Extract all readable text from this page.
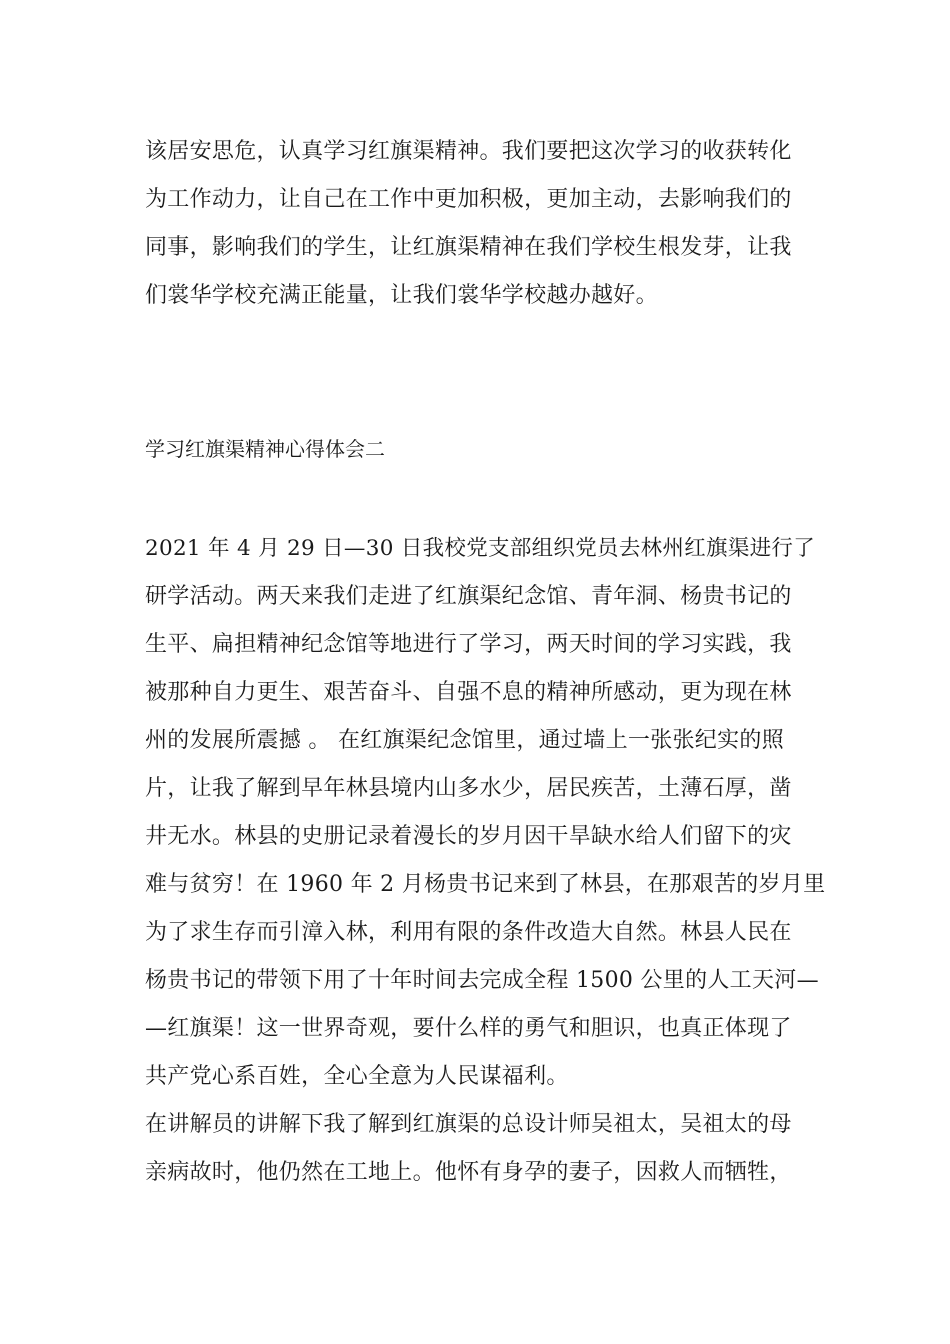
该居安思危，认真学习红旗渠精神。我们要把这次学习的收获转化
为工作动力，让自己在工作中更加积极，更加主动，去影响我们的
同事，影响我们的学生，让红旗渠精神在我们学校生根发芽，让我
们裳华学校充满正能量，让我们裳华学校越办越好。
学习红旗渠精神心得体会二
2021 年 4 月 29 日—30 日我校党支部组织党员去林州红旗渠进行了
研学活动。两天来我们走进了红旗渠纪念馆、青年洞、杨贵书记的
生平、扁担精神纪念馆等地进行了学习，两天时间的学习实践，我
被那种自力更生、艰苦奋斗、自强不息的精神所感动，更为现在林
州的发展所震撼 。 在红旗渠纪念馆里，通过墙上一张张纪实的照
片，让我了解到早年林县境内山多水少，居民疾苦，土薄石厚，凿
井无水。林县的史册记录着漫长的岁月因干旱缺水给人们留下的灾
难与贫穷！在 1960 年 2 月杨贵书记来到了林县，在那艰苦的岁月里
为了求生存而引漳入林，利用有限的条件改造大自然。林县人民在
杨贵书记的带领下用了十年时间去完成全程 1500 公里的人工天河—
—红旗渠！这一世界奇观，要什么样的勇气和胆识，也真正体现了
共产党心系百姓，全心全意为人民谋福利。
在讲解员的讲解下我了解到红旗渠的总设计师吴祖太，吴祖太的母
亲病故时，他仍然在工地上。他怀有身孕的妻子，因救人而牺牲，
